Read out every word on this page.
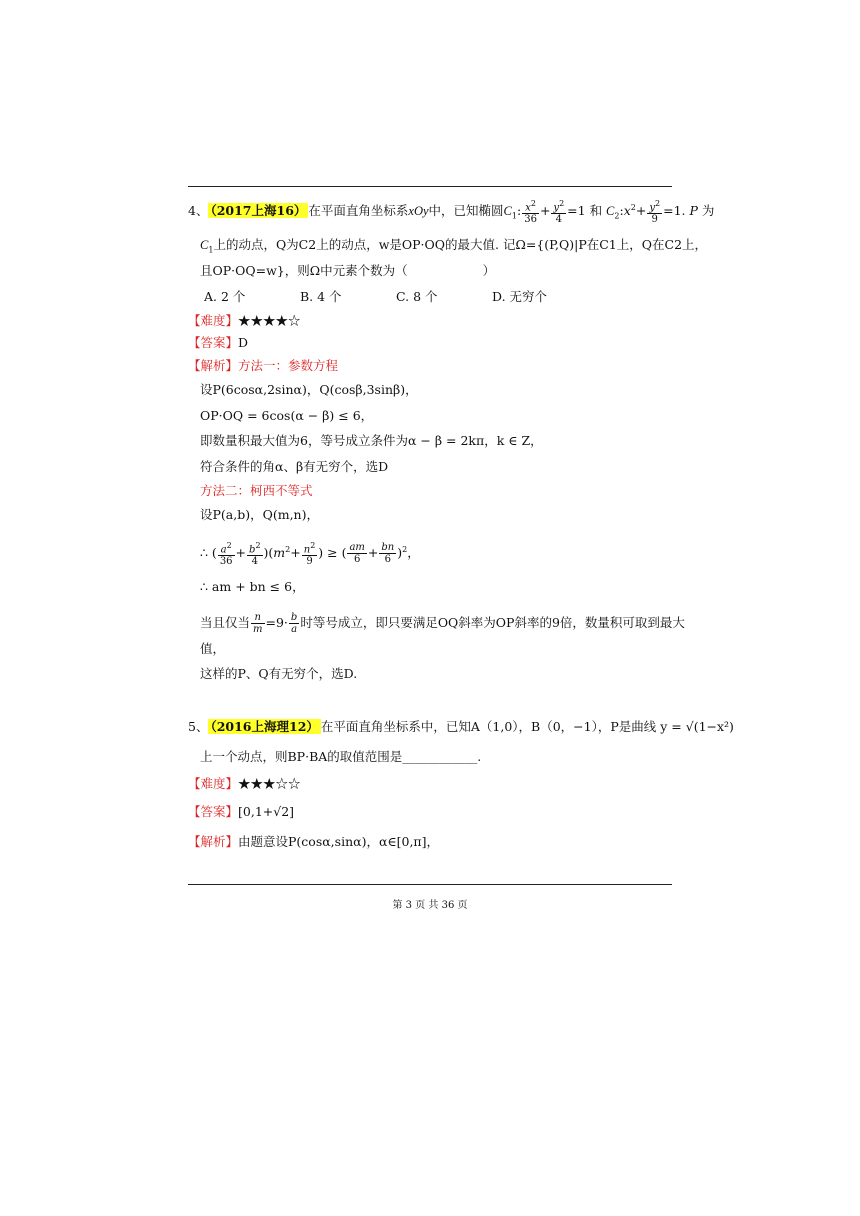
4、 （2017上海16） 在平面直角坐标系xOy中，已知椭圆$C_1$: $\frac{x^2}{36} + \frac{y^2}{4} =1$ 和 $C_2:x^2+ \frac{y^2}{9} =1$. P 为
$C_1$上的动点，Q为C2上的动点，w是OP·OQ的最大值. 记Ω={(P,Q)|P在C1上，Q在C2上，
且OP·OQ=w}，则Ω中元素个数为（　　　　　　）
A. 2 个	B. 4 个	C. 8 个	D. 无穷个
【难度】★★★★☆
【答案】D
【解析】方法一：参数方程
设P(6cosα,2sinα)，Q(cosβ,3sinβ)，
OP·OQ = 6cos(α − β) ≤ 6，
即数量积最大值为6，等号成立条件为α − β = 2kπ，k ∈ Z，
符合条件的角α、β有无穷个，选D
方法二：柯西不等式
设P(a,b)，Q(m,n)，
∴ ( $\frac{a^2}{36} + \frac{b^2}{4} )(m^2+ \frac{n^2}{9}$ ) ≥ ( $\frac{am}{6} + \frac{bn}{6} )^2$，
∴ am + bn ≤ 6，
当且仅当 $\frac{n}{m} =9\cdot \frac{b}{a}$ 时等号成立，即只要满足OQ斜率为OP斜率的9倍，数量积可取到最大
值，
这样的P、Q有无穷个，选D.
5、 （2016上海理12） 在平面直角坐标系中，已知A（1,0），B（0，−1），P是曲线 y = √(1−x²)
上一个动点，则BP·BA的取值范围是____________.
【难度】★★★☆☆
【答案】[0,1+√2]
【解析】由题意设P(cosα,sinα)，α∈[0,π]，
第 3 页 共 36 页
